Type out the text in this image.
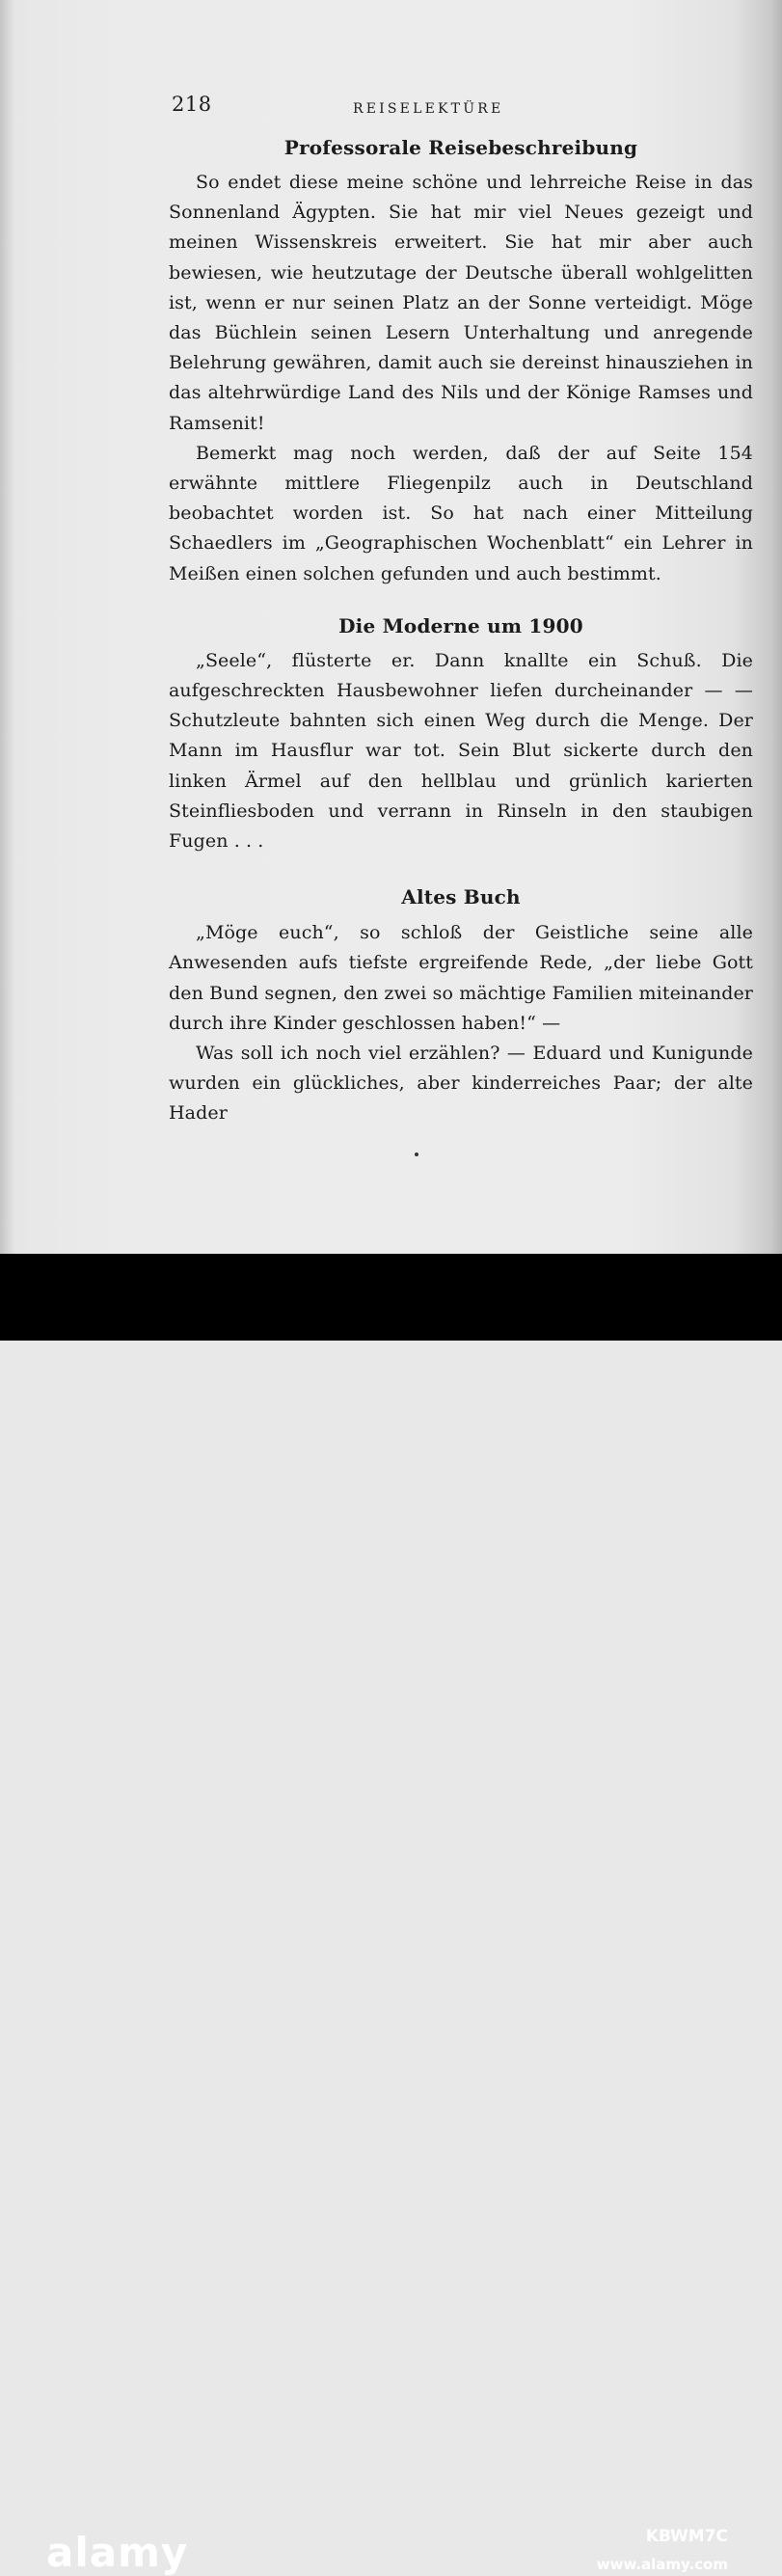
218	REISELEKTÜRE
Professorale Reisebeschreibung

So endet diese meine schöne und lehrreiche Reise in das Sonnenland Ägypten. Sie hat mir viel Neues gezeigt und meinen Wissenskreis erweitert. Sie hat mir aber auch bewiesen, wie heutzutage der Deutsche überall wohlgelitten ist, wenn er nur seinen Platz an der Sonne verteidigt. Möge das Büchlein seinen Lesern Unterhaltung und anregende Belehrung gewähren, damit auch sie dereinst hinausziehen in das altehrwürdige Land des Nils und der Könige Ramses und Ramsenit!

Bemerkt mag noch werden, daß der auf Seite 154 erwähnte mittlere Fliegenpilz auch in Deutschland beobachtet worden ist. So hat nach einer Mitteilung Schaedlers im „Geographischen Wochenblatt“ ein Lehrer in Meißen einen solchen gefunden und auch bestimmt.

Die Moderne um 1900

„Seele“, flüsterte er. Dann knallte ein Schuß. Die aufgeschreckten Hausbewohner liefen durcheinander — — Schutzleute bahnten sich einen Weg durch die Menge. Der Mann im Hausflur war tot. Sein Blut sickerte durch den linken Ärmel auf den hellblau und grünlich karierten Steinfliesboden und verrann in Rinseln in den staubigen Fugen . . .

Altes Buch

„Möge euch“, so schloß der Geistliche seine alle Anwesenden aufs tiefste ergreifende Rede, „der liebe Gott den Bund segnen, den zwei so mächtige Familien miteinander durch ihre Kinder geschlossen haben!“ —

Was soll ich noch viel erzählen? — Eduard und Kunigunde wurden ein glückliches, aber kinderreiches Paar; der alte Hader

alamy	KBWM7C
www.alamy.com
